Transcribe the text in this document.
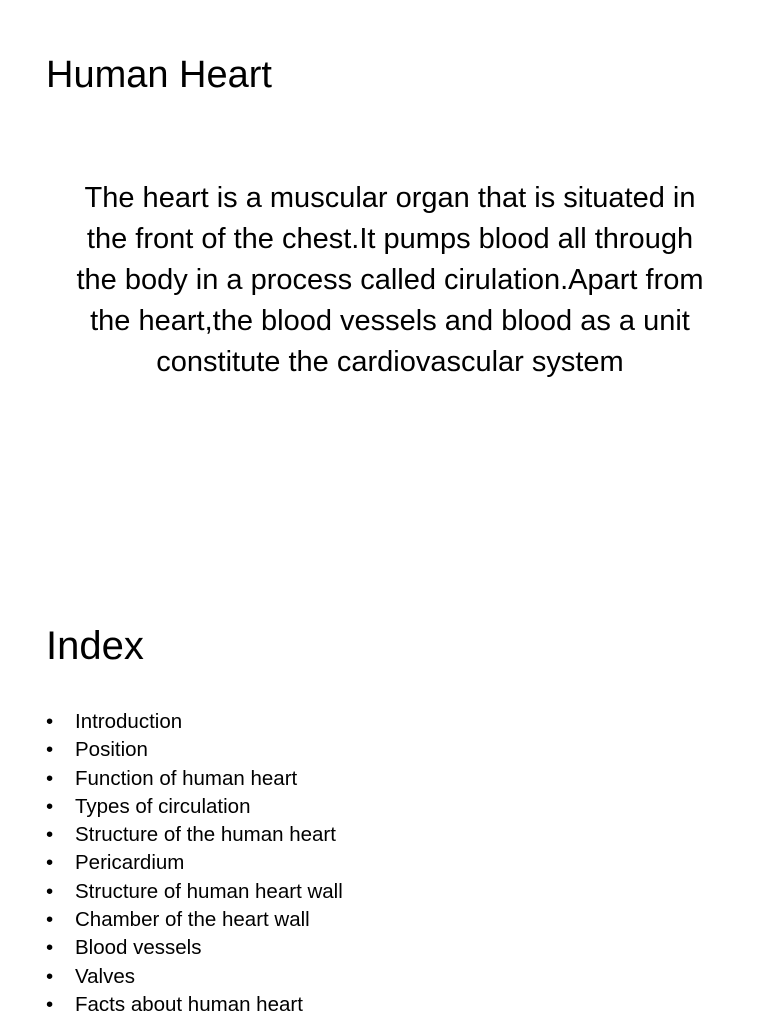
Human Heart

The heart is a muscular organ that is situated in the front of the chest.It pumps blood all through the body in a process called cirulation.Apart from the heart,the blood vessels and blood as a unit constitute the cardiovascular system

Index
•	Introduction
•	Position
•	Function of human heart
•	Types of circulation
•	Structure of the human heart
•	Pericardium
•	Structure of human heart wall
•	Chamber of the heart wall
•	Blood vessels
•	Valves
•	Facts about human heart
